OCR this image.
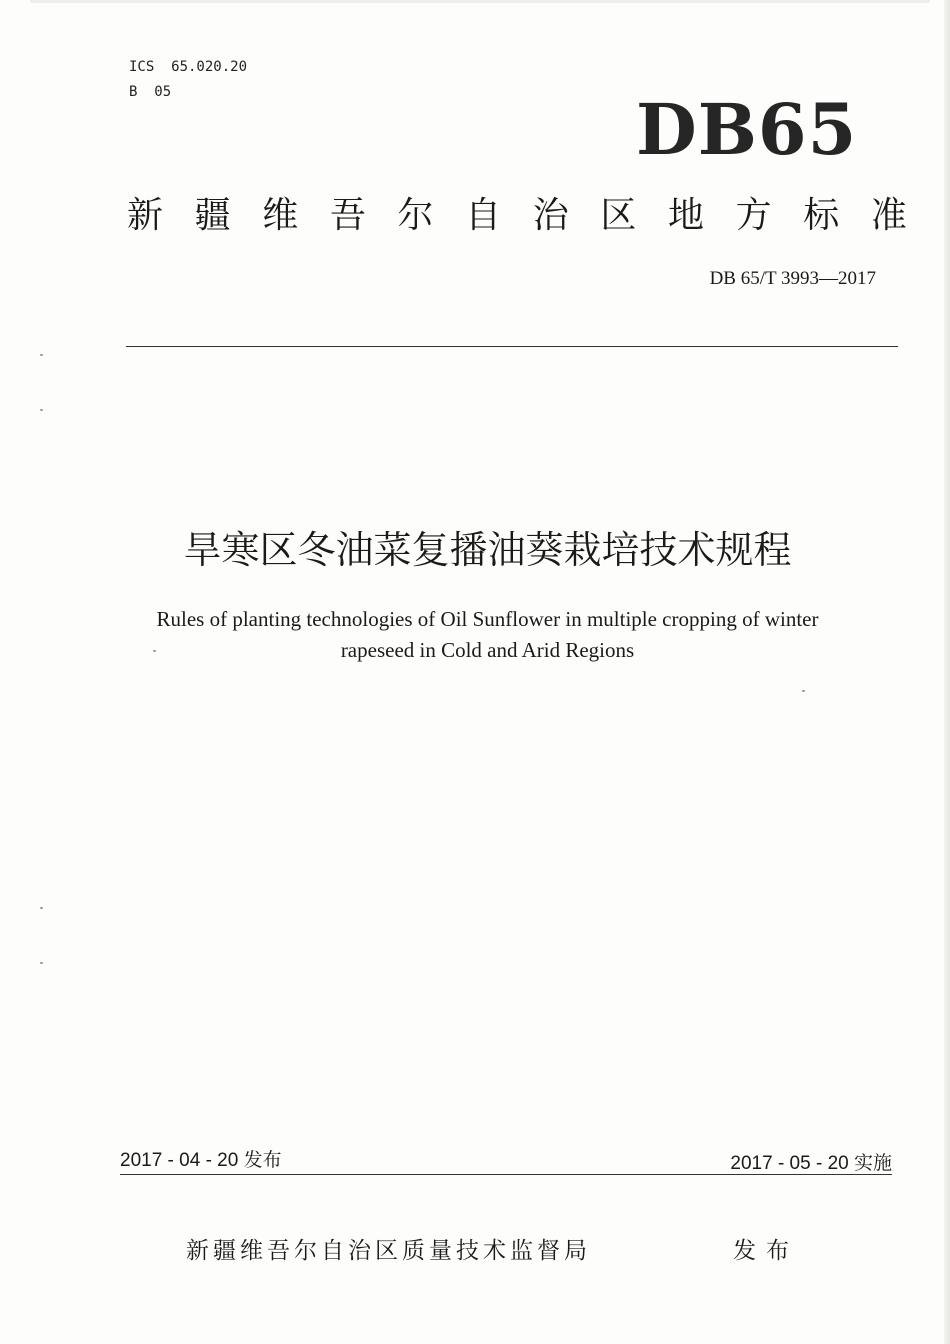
ICS  65.020.20
B  05	DB65
新 疆 维 吾 尔 自 治 区 地 方 标 准
DB 65/T 3993—2017
旱寒区冬油菜复播油葵栽培技术规程
Rules of planting technologies of Oil Sunflower in multiple cropping of winter
rapeseed in Cold and Arid Regions
2017 - 04 - 20 发布	2017 - 05 - 20 实施
新疆维吾尔自治区质量技术监督局	发布
